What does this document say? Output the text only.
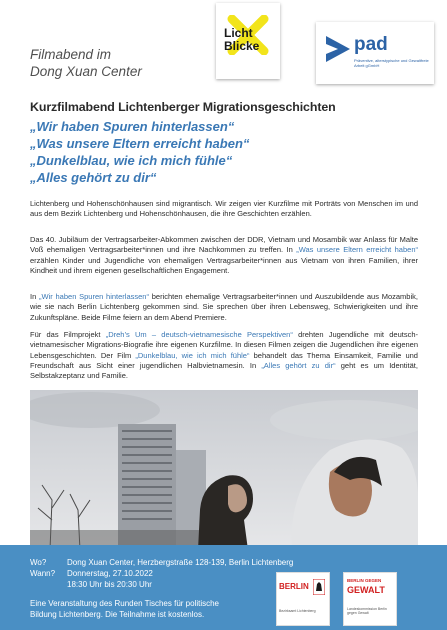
Filmabend im
Dong Xuan Center
Licht
Blicke	pad
Präventive, alterstypische und Gewaltfreie Arbeit gGmbH
Kurzfilmabend Lichtenberger Migrationsgeschichten
„Wir haben Spuren hinterlassen“
„Was unsere Eltern erreicht haben“
„Dunkelblau, wie ich mich fühle“
„Alles gehört zu dir“
Lichtenberg und Hohenschönhausen sind migrantisch. Wir zeigen vier Kurzfilme mit Porträts von Menschen im und aus dem Bezirk Lichtenberg und Hohenschönhausen, die ihre Geschichten erzählen.
Das 40. Jubiläum der Vertragsarbeiter-Abkommen zwischen der DDR, Vietnam und Mosambik war Anlass für Malte Voß ehemaligen Vertragsarbeiter*innen und ihre Nachkommen zu treffen. In „Was unsere Eltern erreicht haben“ erzählen Kinder und Jugendliche von ehemaligen Vertragsarbeiter*innen aus Vietnam von ihren Familien, ihrer Kindheit und ihrem eigenen gesellschaftlichen Engagement.
In „Wir haben Spuren hinterlassen“ berichten ehemalige Vertragsarbeiter*innen und Auszubildende aus Mozambik, wie sie nach Berlin Lichtenberg gekommen sind. Sie sprechen über ihren Lebensweg, Schwierigkeiten und ihre Zukunftspläne. Beide Filme feiern an dem Abend Premiere.
Für das Filmprojekt „Dreh’s Um – deutsch-vietnamesische Perspektiven“ drehten Jugendliche mit deutsch-vietnamesischer Migrations-Biografie ihre eigenen Kurzfilme. In diesen Filmen zeigen die Jugendlichen ihre eigenen Lebensgeschichten. Der Film „Dunkelblau, wie ich mich fühle“ behandelt das Thema Einsamkeit, Familie und Freundschaft aus Sicht einer jugendlichen Halbvietnamesin. In „Alles gehört zu dir“ geht es um Identität, Selbstakzeptanz und Familie.
Wo?
Wann?
Dong Xuan Center, Herzbergstraße 128-139, Berlin Lichtenberg
Donnerstag, 27.10.2022
18:30 Uhr bis 20:30 Uhr
Eine Veranstaltung des Runden Tisches für politische
Bildung Lichtenberg. Die Teilnahme ist kostenlos.
BERLIN
Bezirksamt Lichtenberg
BERLIN GEGEN
GEWALT
Landeskommission Berlin gegen Gewalt
